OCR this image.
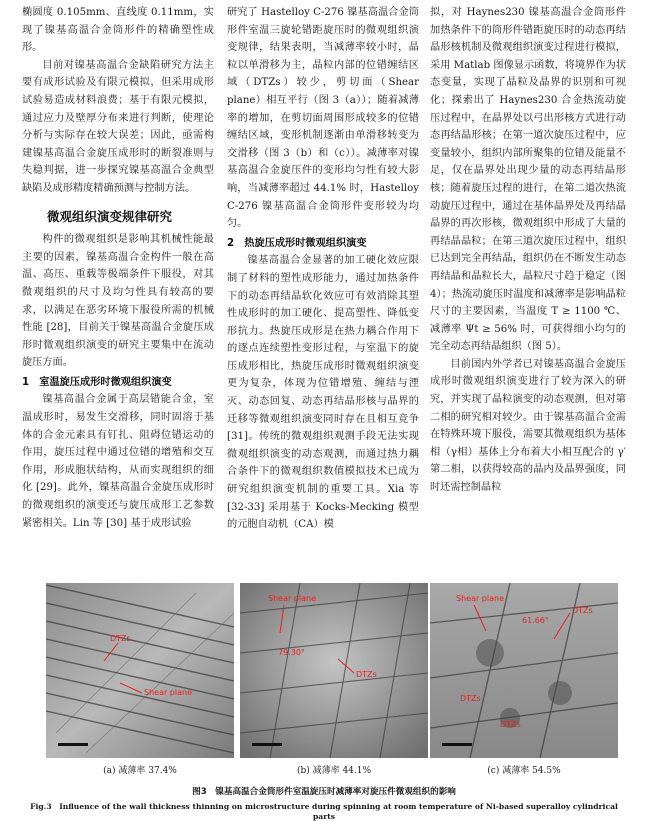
椭圆度 0.105mm、直线度 0.11mm，实现了镍基高温合金筒形件的精确塑性成形。

目前对镍基高温合金缺陷研究方法主要有成形试验及有限元模拟，但采用成形试验易造成材料浪费；基于有限元模拟，通过应力及壁厚分布来进行判断，使理论分析与实际存在较大误差；因此，亟需构建镍基高温合金旋压成形时的断裂准则与失稳判据，进一步探究镍基高温合金典型缺陷及成形精度精确预测与控制方法。

微观组织演变规律研究

构件的微观组织是影响其机械性能最主要的因素，镍基高温合金构件一般在高温、高压、重载等极端条件下服役，对其微观组织的尺寸及均匀性具有较高的要求，以满足在恶劣环境下服役所需的机械性能 [28]，目前关于镍基高温合金旋压成形时微观组织演变的研究主要集中在流动旋压方面。

1　室温旋压成形时微观组织演变

镍基高温合金属于高层错能合金，室温成形时，易发生交滑移，同时固溶于基体的合金元素具有钉扎、阻碍位错运动的作用，旋压过程中通过位错的增殖和交互作用，形成胞状结构，从而实现组织的细化 [29]。此外，镍基高温合金旋压成形时的微观组织的演变还与旋压成形工艺参数紧密相关。Lin 等 [30] 基于成形试验

研究了 Hastelloy C-276 镍基高温合金筒形件室温三旋轮错距旋压时的微观组织演变规律，结果表明，当减薄率较小时，晶粒以单滑移为主，晶粒内部的位错缠结区域（DTZs）较少，剪切面（Shear plane）相互平行（图 3（a））；随着减薄率的增加，在剪切面周围形成较多的位错缠结区域，变形机制逐渐由单滑移转变为交滑移（图 3（b）和（c））。减薄率对镍基高温合金旋压件的变形均匀性有较大影响，当减薄率超过 44.1% 时，Hastelloy C-276 镍基高温合金筒形件变形较为均匀。

2　热旋压成形时微观组织演变

镍基高温合金显著的加工硬化效应限制了材料的塑性成形能力，通过加热条件下的动态再结晶软化效应可有效消除其塑性成形时的加工硬化、提高塑性、降低变形抗力。热旋压成形是在热力耦合作用下的逐点连续塑性变形过程，与室温下的旋压成形相比，热旋压成形时微观组织演变更为复杂，体现为位错增殖、缠结与湮灭、动态回复、动态再结晶形核与晶界的迁移等微观组织演变同时存在且相互竞争 [31]。传统的微观组织观测手段无法实现微观组织演变的动态观测，而通过热力耦合条件下的微观组织数值模拟技术已成为研究组织演变机制的重要工具。Xia 等 [32-33] 采用基于 Kocks-Mecking 模型的元胞自动机（CA）模

拟，对 Haynes230 镍基高温合金筒形件加热条件下的筒形件错距旋压时的动态再结晶形核机制及微观组织演变过程进行模拟，采用 Matlab 图像显示函数，将境界作为状态变量，实现了晶粒及晶界的识别和可视化；探索出了 Haynes230 合金热流动旋压过程中，在晶界处以弓出形核方式进行动态再结晶形核；在第一道次旋压过程中，应变量较小，组织内部所聚集的位错及能量不足，仅在晶界处出现少量的动态再结晶形核；随着旋压过程的进行，在第二道次热流动旋压过程中，通过在基体晶界处及再结晶晶界的再次形核，微观组织中形成了大量的再结晶晶粒；在第三道次旋压过程中，组织已达到完全再结晶，组织仍在不断发生动态再结晶和晶粒长大，晶粒尺寸趋于稳定（图 4）；热流动旋压时温度和减薄率是影响晶粒尺寸的主要因素，当温度 T ≥ 1100 ℃、减薄率 Ψt ≥ 56% 时，可获得细小均匀的完全动态再结晶组织（图 5）。

目前国内外学者已对镍基高温合金旋压成形时微观组织演变进行了较为深入的研究，并实现了晶粒演变的动态观测，但对第二相的研究相对较少。由于镍基高温合金需在特殊环境下服役，需要其微观组织为基体相（γ相）基体上分布着大小相互配合的 γ′ 第二相，以获得较高的晶内及晶界强度，同时还需控制晶粒

DTZs
Shear plane
Shear plane
79.30°
DTZs
Shear plane
61.66°
DTZs
DTZs
DTZs
(a) 减薄率 37.4%	(b) 减薄率 44.1%	(c) 减薄率 54.5%
图3　镍基高温合金筒形件室温旋压时减薄率对旋压件微观组织的影响
Fig.3　Influence of the wall thickness thinning on microstructure during spinning at room temperature of Ni-based superalloy cylindrical parts
